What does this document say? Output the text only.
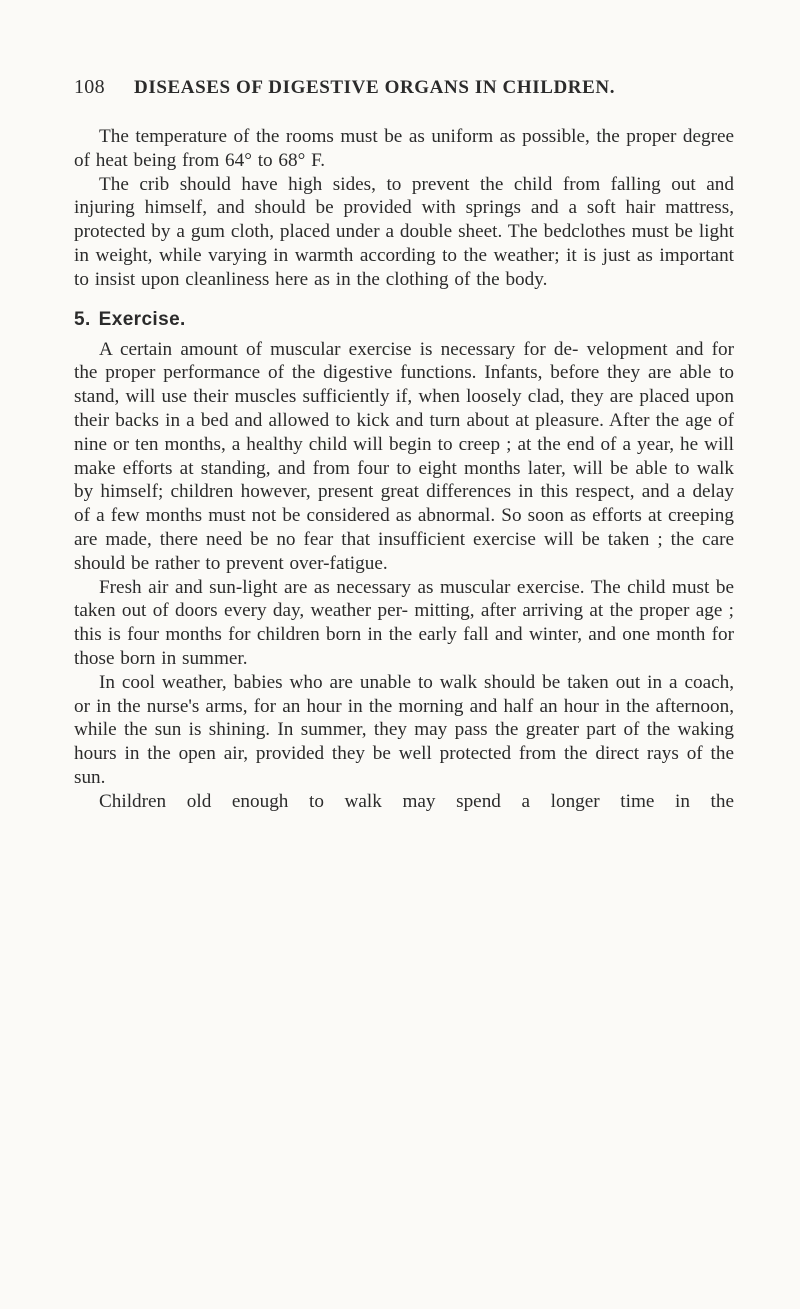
108	DISEASES OF DIGESTIVE ORGANS IN CHILDREN.

The temperature of the rooms must be as uniform as possible, the proper degree of heat being from 64° to 68° F.

The crib should have high sides, to prevent the child from falling out and injuring himself, and should be provided with springs and a soft hair mattress, protected by a gum cloth, placed under a double sheet. The bedclothes must be light in weight, while varying in warmth according to the weather; it is just as important to insist upon cleanliness here as in the clothing of the body.

5. Exercise.

A certain amount of muscular exercise is necessary for de- velopment and for the proper performance of the digestive functions. Infants, before they are able to stand, will use their muscles sufficiently if, when loosely clad, they are placed upon their backs in a bed and allowed to kick and turn about at pleasure. After the age of nine or ten months, a healthy child will begin to creep ; at the end of a year, he will make efforts at standing, and from four to eight months later, will be able to walk by himself; children however, present great differences in this respect, and a delay of a few months must not be considered as abnormal. So soon as efforts at creeping are made, there need be no fear that insufficient exercise will be taken ; the care should be rather to prevent over-fatigue.

Fresh air and sun-light are as necessary as muscular exercise. The child must be taken out of doors every day, weather per- mitting, after arriving at the proper age ; this is four months for children born in the early fall and winter, and one month for those born in summer.

In cool weather, babies who are unable to walk should be taken out in a coach, or in the nurse's arms, for an hour in the morning and half an hour in the afternoon, while the sun is shining. In summer, they may pass the greater part of the waking hours in the open air, provided they be well protected from the direct rays of the sun.

Children old enough to walk may spend a longer time in the
